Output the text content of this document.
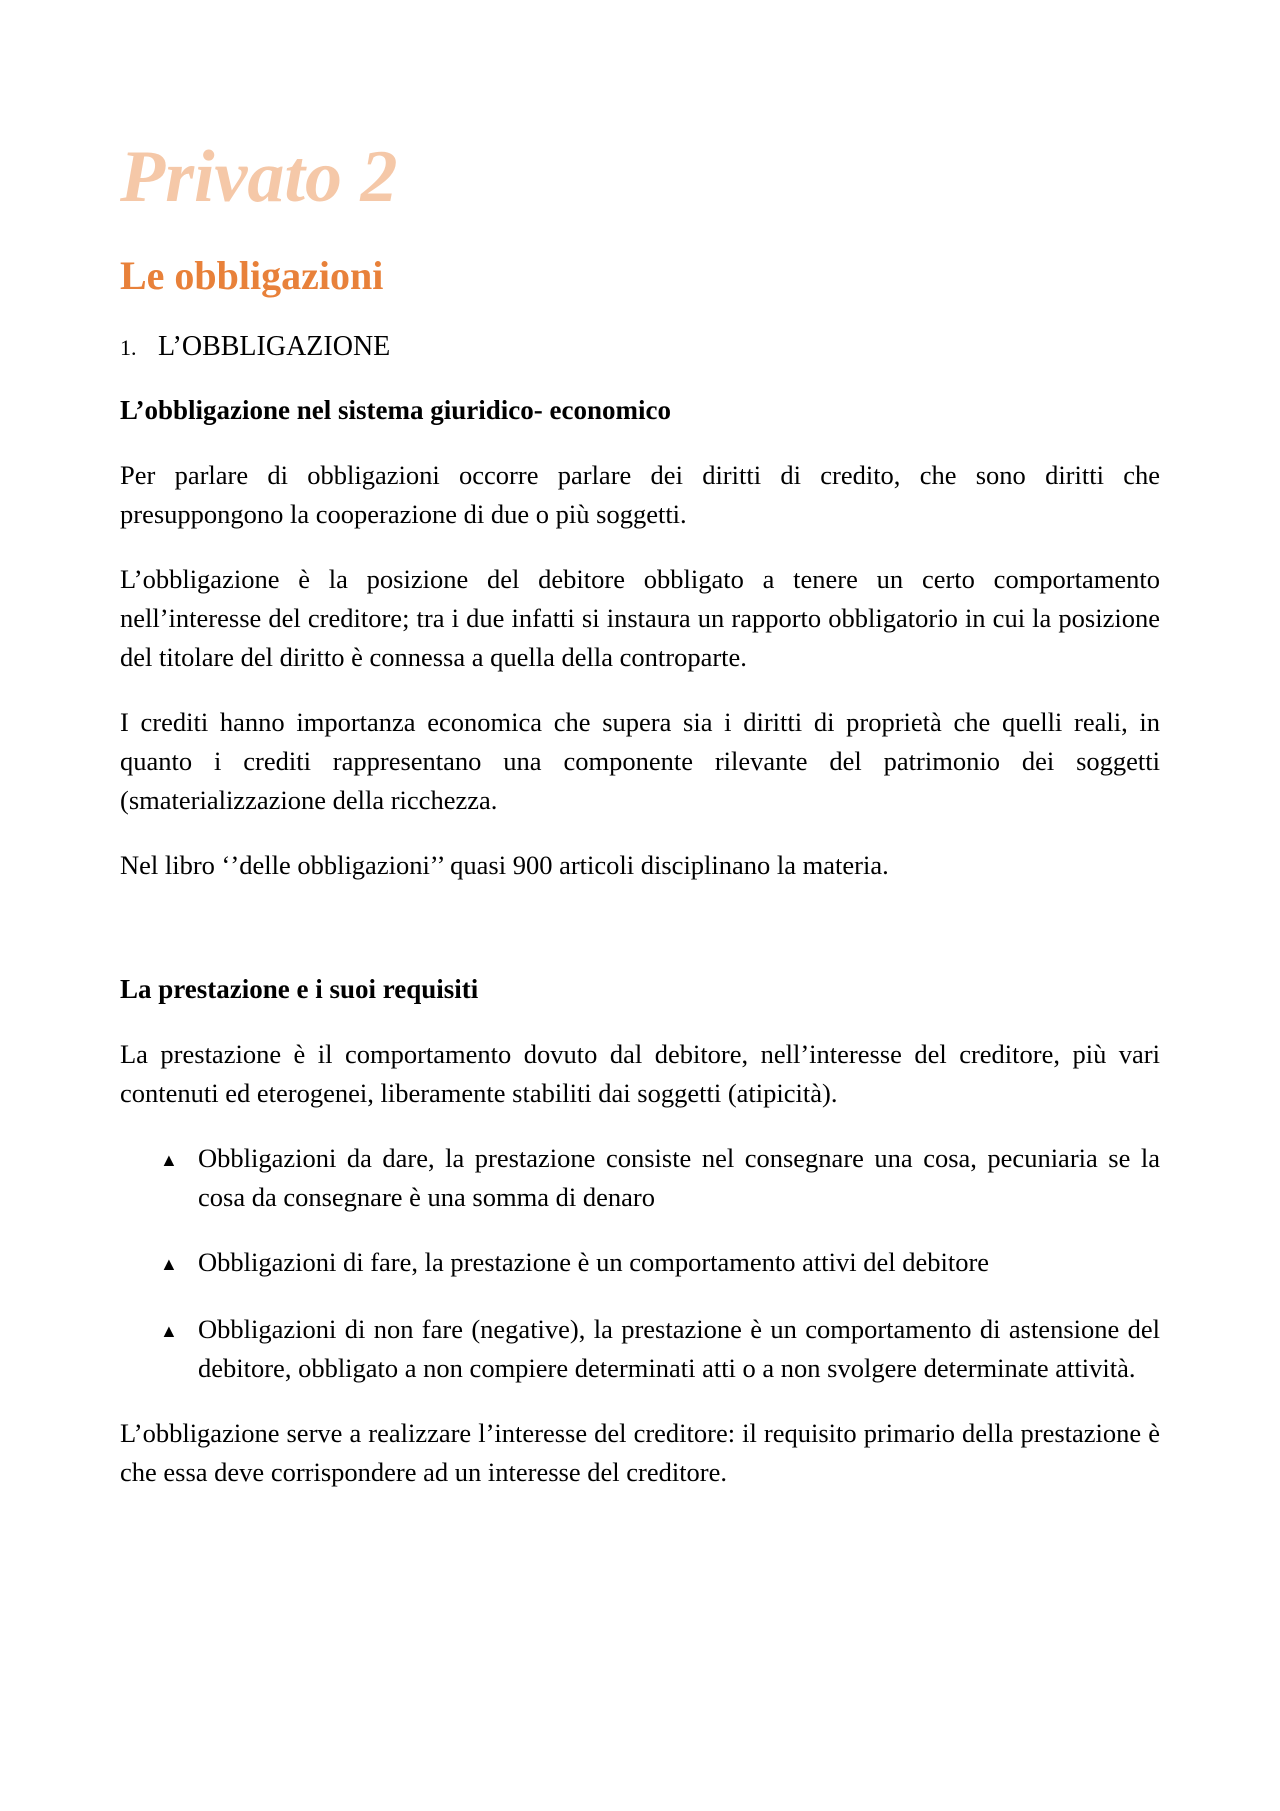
Privato 2
Le obbligazioni
1. L’OBBLIGAZIONE
L’obbligazione nel sistema giuridico- economico

Per parlare di obbligazioni occorre parlare dei diritti di credito, che sono diritti che presuppongono la cooperazione di due o più soggetti.

L’obbligazione è la posizione del debitore obbligato a tenere un certo comportamento nell’interesse del creditore; tra i due infatti si instaura un rapporto obbligatorio in cui la posizione del titolare del diritto è connessa a quella della controparte.

I crediti hanno importanza economica che supera sia i diritti di proprietà che quelli reali, in quanto i crediti rappresentano una componente rilevante del patrimonio dei soggetti (smaterializzazione della ricchezza.

Nel libro ‘’delle obbligazioni’’ quasi 900 articoli disciplinano la materia.

La prestazione e i suoi requisiti

La prestazione è il comportamento dovuto dal debitore, nell’interesse del creditore, più vari contenuti ed eterogenei, liberamente stabiliti dai soggetti (atipicità).

▲ Obbligazioni da dare, la prestazione consiste nel consegnare una cosa, pecuniaria se la cosa da consegnare è una somma di denaro
▲ Obbligazioni di fare, la prestazione è un comportamento attivi del debitore
▲ Obbligazioni di non fare (negative), la prestazione è un comportamento di astensione del debitore, obbligato a non compiere determinati atti o a non svolgere determinate attività.

L’obbligazione serve a realizzare l’interesse del creditore: il requisito primario della prestazione è che essa deve corrispondere ad un interesse del creditore.
